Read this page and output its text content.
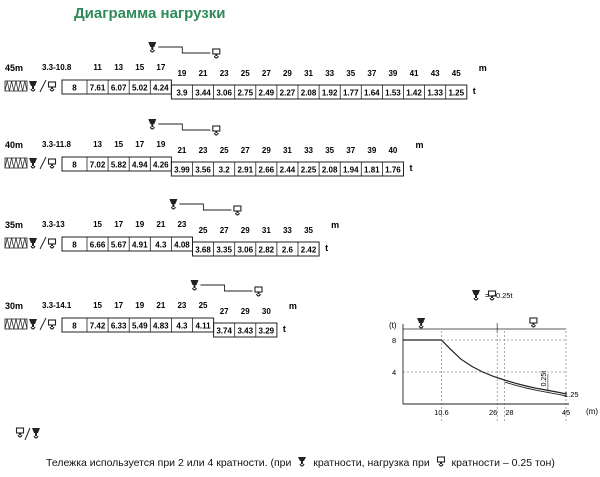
Диаграмма нагрузки
45m 3.3-10.8	11 13 15 17
19 21 23 25 27 29 31 33 35 37 39 41 43 45
m
8 7.61 6.07 5.02 4.24
3.9 3.44 3.06 2.75 2.49 2.27 2.08 1.92 1.77 1.64 1.53 1.42 1.33 1.25 t
40m 3.3-11.8	13 15 17 19
21 23 25 27 29 31 33 35 37 39 40
m
8 7.02 5.82 4.94 4.26
3.99 3.56 3.2 2.91 2.66 2.44 2.25 2.08 1.94 1.81 1.76 t
35m 3.3-13	15 17 19 21 23
25 27 29 31 33 35
m
8 6.66 5.67 4.91 4.3 4.08
3.68 3.35 3.06 2.82 2.6 2.42 t
30m 3.3-14.1	15 17 19 21 23 25
27 29 30
m
8 7.42 6.33 5.49 4.83 4.3 4.11
3.74 3.43 3.29 t
= −0.25t
(t)
(m)
8
4
10.6	26 28	45
0.25t
1.25
Тележка используется при 2 или 4 кратности. (при кратности, нагрузка при кратности – 0.25 тон)
